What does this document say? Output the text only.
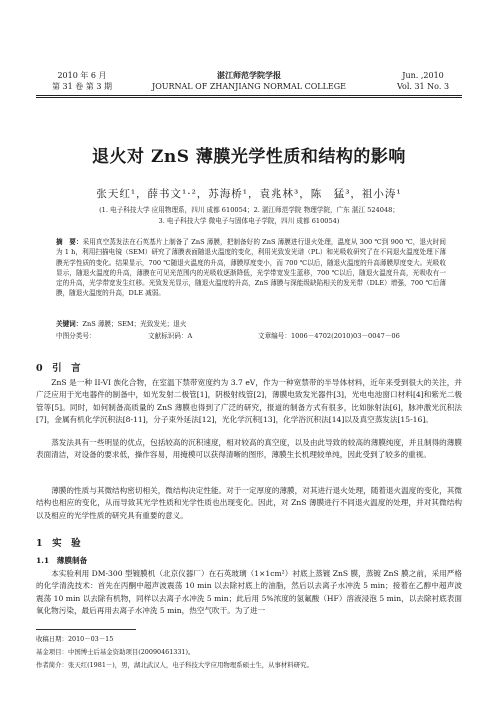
2010 年 6 月
第 31 卷 第 3 期
湛江师范学院学报
JOURNAL OF ZHANJIANG NORMAL COLLEGE
Jun. ,2010
Vol. 31 No. 3
退火对 ZnS 薄膜光学性质和结构的影响
张天红¹，薛书文¹·²，苏海桥¹，袁兆林³，陈　猛³，祖小涛¹
(1. 电子科技大学 应用物理系，四川 成都 610054；2. 湛江师范学院 物理学院，广东 湛江 524048；
3. 电子科技大学 微电子与固体电子学院，四川 成都 610054)
摘　要：采用真空蒸发法在石英基片上制备了 ZnS 薄膜，把制备好的 ZnS 薄膜进行退火处理，温度从 300 ℃到 900 ℃，退火时间为 1 h，利用扫描电镜（SEM）研究了薄膜表面随退火温度的变化，利用光致发光谱（PL）和光吸收研究了在不同退火温度处理下薄膜光学性质的变化。结果显示，700 ℃随退火温度的升高，薄膜厚度变小，而 700 ℃以后，随退火温度的升高薄膜厚度变大。光吸收显示，随退火温度的升高，薄膜在可见光范围内的光吸收逐渐降低，光学带宽发生蓝移，700 ℃以后，随退火温度升高，光吸收有一定的升高，光学带宽发生红移。光致发光显示，随退火温度的升高，ZnS 薄膜与深能级缺陷相关的发光带（DLE）增强，700 ℃后薄膜，随退火温度的升高，DLE 减弱。
关键词：ZnS 薄膜；SEM；光致发光；退火
中图分类号：	文献标识码：A	文章编号：1006－4702(2010)03－0047－06
0　引　言
ZnS 是一种 II-VI 族化合物，在室温下禁带宽度约为 3.7 eV，作为一种宽禁带的半导体材料，近年来受到很大的关注，并广泛应用于光电器件的制备中，如光发射二极管[1]，阴极射线管[2]，薄膜电致发光器件[3]，光电电池窗口材料[4]和紫光二极管等[5]。同时，如何制备高质量的 ZnS 薄膜也得到了广泛的研究，报道的制备方式有很多，比如脉射法[6]，脉冲激光沉积法[7]，金属有机化学沉积法[8-11]，分子束外延法[12]，光化学沉积[13]，化学浴沉积法[14]以及真空蒸发法[15-16]。
蒸发法具有一些明显的优点，包括较高的沉积速度，相对较高的真空度，以及由此导致的较高的薄膜纯度，并且制得的薄膜表面清洁，对设备的要求低，操作容易，用掩模可以获得清晰的图形，薄膜生长机理较单纯，因此受到了较多的重视。
薄膜的性质与其微结构密切相关，微结构决定性能。对于一定厚度的薄膜，对其进行退火处理，随着退火温度的变化，其微结构也相应的变化，从而导致其光学性质和光学性质也出现变化。因此，对 ZnS 薄膜进行不同退火温度的处理，并对其微结构以及相应的光学性质的研究具有重要的意义。
1　实　验
1.1　薄膜制备
本实验利用 DM-300 型镀膜机（北京仪器厂）在石英玻璃（1×1cm²）衬底上蒸镀 ZnS 膜，蒸镀 ZnS 膜之前，采用严格的化学清洗技术：首先在丙酮中超声波震荡 10 min 以去除衬底上的油脂，然后以去离子水冲洗 5 min；接着在乙醇中超声波震荡 10 min 以去除有机物，同样以去离子水冲洗 5 min；此后用 5%浓度的氢氟酸（HF）溶液浸泡 5 min，以去除衬底表面氧化物污染，最后再用去离子水冲洗 5 min，热空气吹干。为了进一
收稿日期：2010－03－15
基金项目：中国博士后基金资助项目(20090461331)。
作者简介：张天红(1981－)，男，湖北武汉人，电子科技大学应用物理系硕士生，从事材料研究。
